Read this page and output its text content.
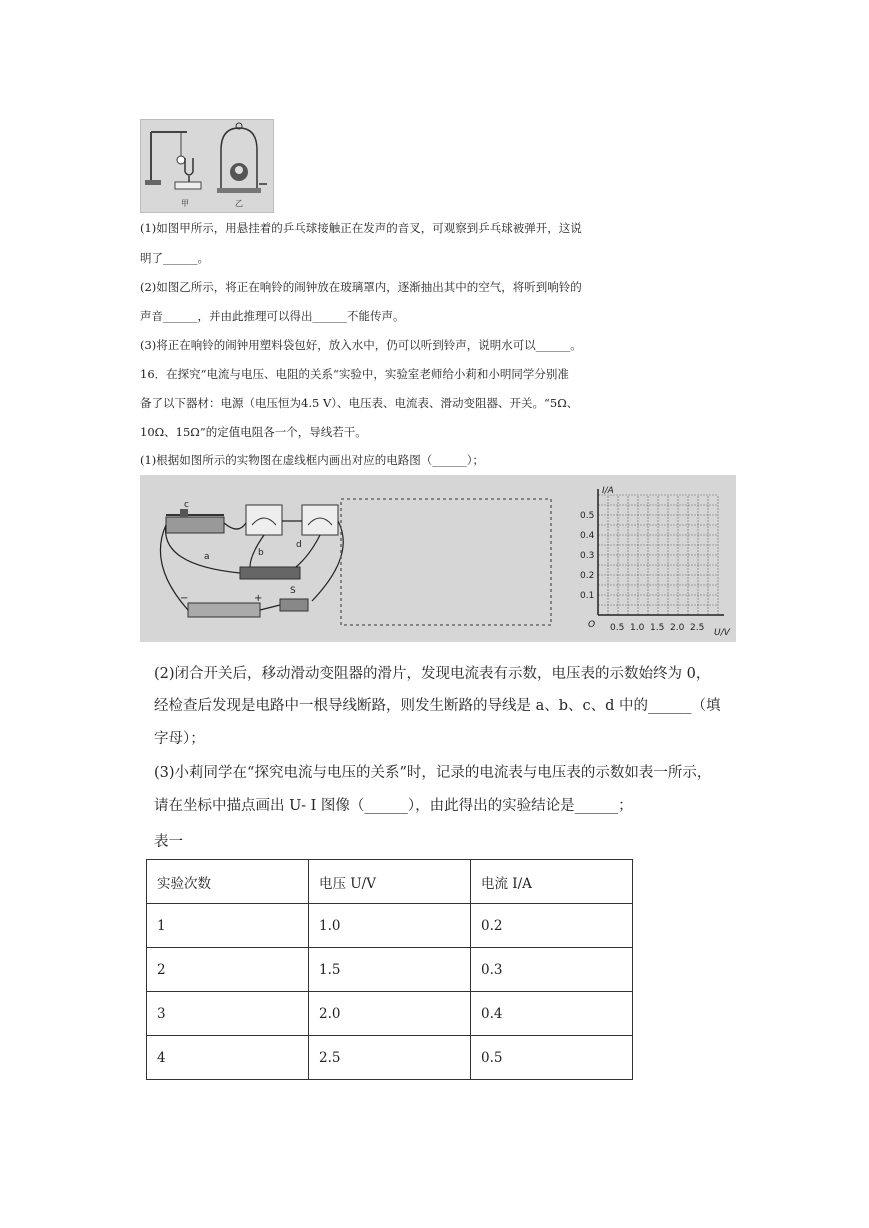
甲	乙
(1)如图甲所示，用悬挂着的乒乓球接触正在发声的音叉，可观察到乒乓球被弹开，这说
明了______。
(2)如图乙所示，将正在响铃的闹钟放在玻璃罩内，逐渐抽出其中的空气，将听到响铃的
声音______，并由此推理可以得出______不能传声。
(3)将正在响铃的闹钟用塑料袋包好，放入水中，仍可以听到铃声，说明水可以______。
16．在探究“电流与电压、电阻的关系“实验中，实验室老师给小莉和小明同学分别准
备了以下器材：电源（电压恒为4.5 V）、电压表、电流表、滑动变阻器、开关。“5Ω、
10Ω、15Ω”的定值电阻各一个，导线若干。
(1)根据如图所示的实物图在虚线框内画出对应的电路图（______）；
c
b
d
a
−	+
S
I/A
U/V
O
0.1
0.2
0.3
0.4
0.5
0.5 1.0 1.5 2.0 2.5
(2)闭合开关后，移动滑动变阻器的滑片，发现电流表有示数，电压表的示数始终为 0，
经检查后发现是电路中一根导线断路，则发生断路的导线是 a、b、c、d 中的______（填
字母）；
(3)小莉同学在“探究电流与电压的关系”时，记录的电流表与电压表的示数如表一所示，
请在坐标中描点画出 U- I 图像（______），由此得出的实验结论是______；
表一
实验次数	电压 U/V	电流 I/A
1	1.0	0.2
2	1.5	0.3
3	2.0	0.4
4	2.5	0.5
